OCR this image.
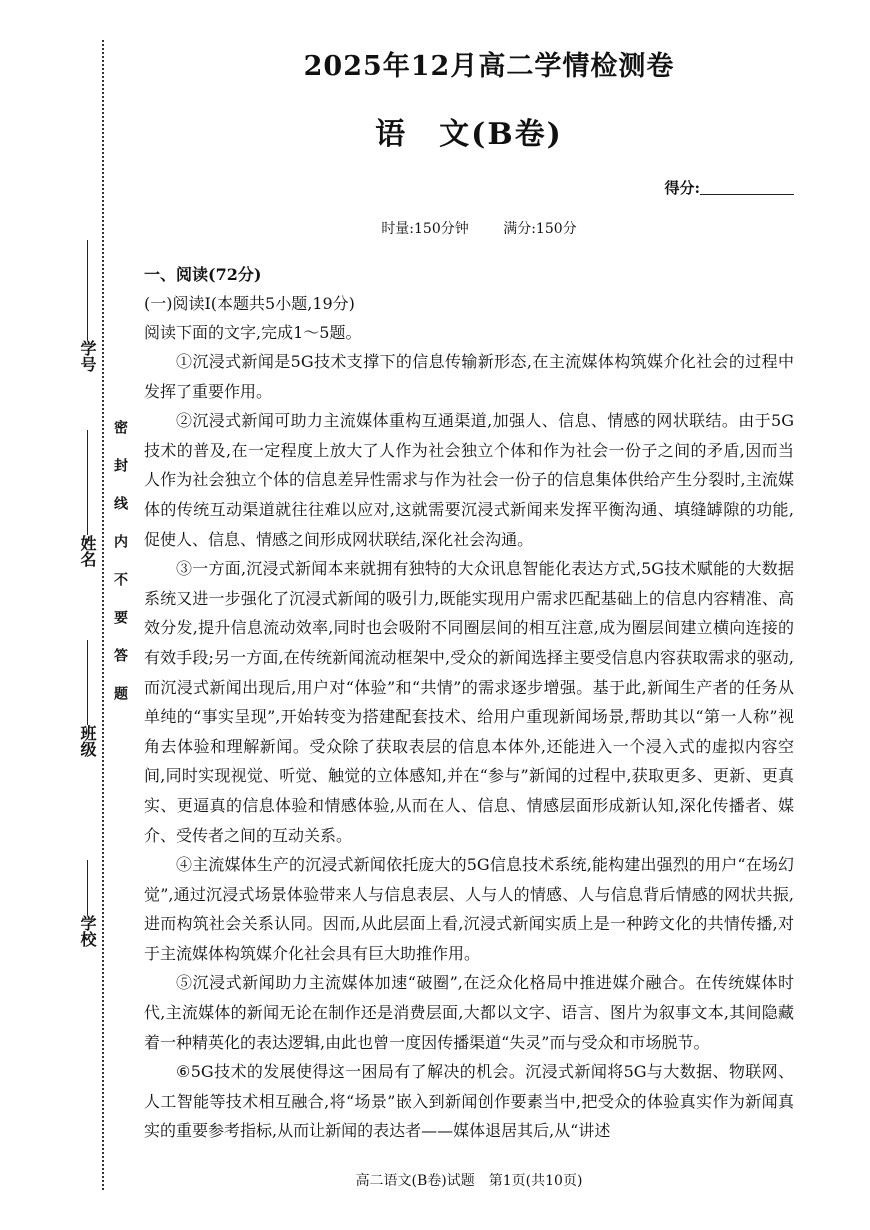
学号
姓名
班级
学校
密封线内不要答题
2025年12月高二学情检测卷
语　文(B卷)
得分:
时量:150分钟 满分:150分
一、阅读(72分)
(一)阅读Ⅰ(本题共5小题,19分)
阅读下面的文字,完成1～5题。

①沉浸式新闻是5G技术支撑下的信息传输新形态,在主流媒体构筑媒介化社会的过程中发挥了重要作用。

②沉浸式新闻可助力主流媒体重构互通渠道,加强人、信息、情感的网状联结。由于5G技术的普及,在一定程度上放大了人作为社会独立个体和作为社会一份子之间的矛盾,因而当人作为社会独立个体的信息差异性需求与作为社会一份子的信息集体供给产生分裂时,主流媒体的传统互动渠道就往往难以应对,这就需要沉浸式新闻来发挥平衡沟通、填缝罅隙的功能,促使人、信息、情感之间形成网状联结,深化社会沟通。

③一方面,沉浸式新闻本来就拥有独特的大众讯息智能化表达方式,5G技术赋能的大数据系统又进一步强化了沉浸式新闻的吸引力,既能实现用户需求匹配基础上的信息内容精准、高效分发,提升信息流动效率,同时也会吸附不同圈层间的相互注意,成为圈层间建立横向连接的有效手段;另一方面,在传统新闻流动框架中,受众的新闻选择主要受信息内容获取需求的驱动,而沉浸式新闻出现后,用户对“体验”和“共情”的需求逐步增强。基于此,新闻生产者的任务从单纯的“事实呈现”,开始转变为搭建配套技术、给用户重现新闻场景,帮助其以“第一人称”视角去体验和理解新闻。受众除了获取表层的信息本体外,还能进入一个浸入式的虚拟内容空间,同时实现视觉、听觉、触觉的立体感知,并在“参与”新闻的过程中,获取更多、更新、更真实、更逼真的信息体验和情感体验,从而在人、信息、情感层面形成新认知,深化传播者、媒介、受传者之间的互动关系。

④主流媒体生产的沉浸式新闻依托庞大的5G信息技术系统,能构建出强烈的用户“在场幻觉”,通过沉浸式场景体验带来人与信息表层、人与人的情感、人与信息背后情感的网状共振,进而构筑社会关系认同。因而,从此层面上看,沉浸式新闻实质上是一种跨文化的共情传播,对于主流媒体构筑媒介化社会具有巨大助推作用。

⑤沉浸式新闻助力主流媒体加速“破圈”,在泛众化格局中推进媒介融合。在传统媒体时代,主流媒体的新闻无论在制作还是消费层面,大都以文字、语言、图片为叙事文本,其间隐藏着一种精英化的表达逻辑,由此也曾一度因传播渠道“失灵”而与受众和市场脱节。

⑥5G技术的发展使得这一困局有了解决的机会。沉浸式新闻将5G与大数据、物联网、人工智能等技术相互融合,将“场景”嵌入到新闻创作要素当中,把受众的体验真实作为新闻真实的重要参考指标,从而让新闻的表达者——媒体退居其后,从“讲述

高二语文(B卷)试题　第1页(共10页)
